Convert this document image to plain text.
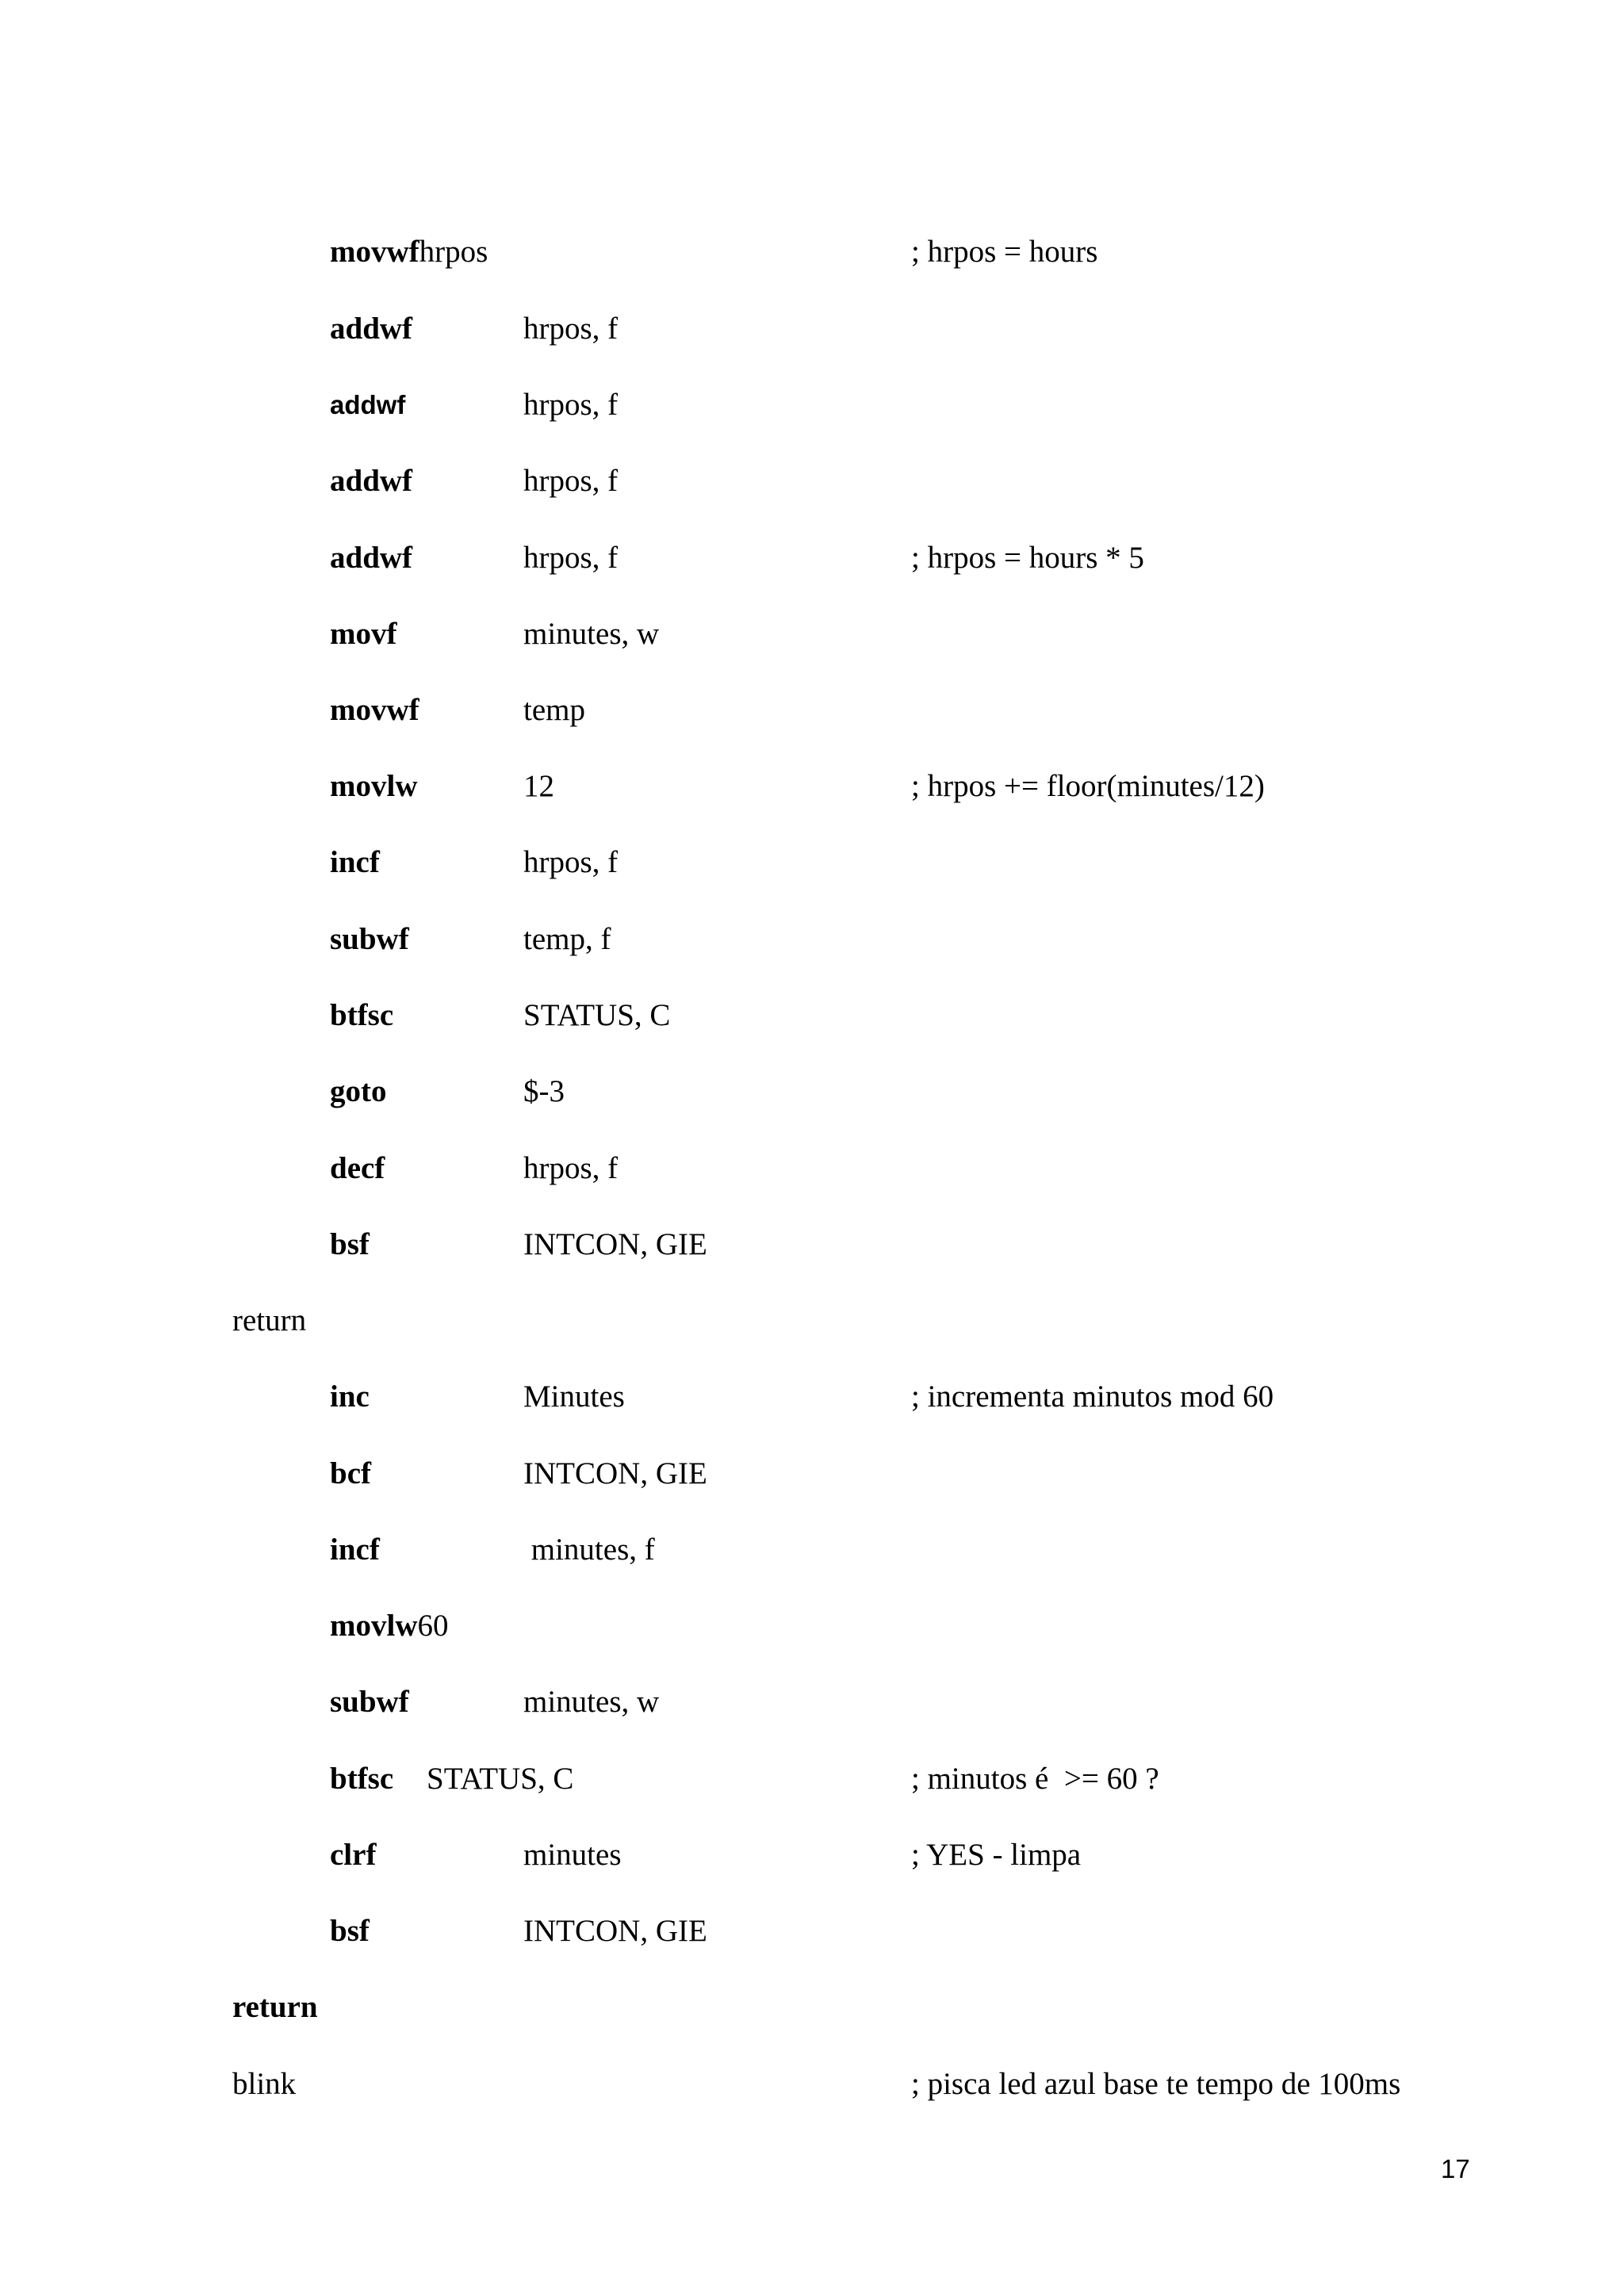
movwfhrpos	; hrpos = hours
addwf	hrpos, f
addwf	hrpos, f
addwf	hrpos, f
addwf	hrpos, f	; hrpos = hours * 5
movf	minutes, w
movwf	temp
movlw	12	; hrpos += floor(minutes/12)
incf	hrpos, f
subwf	temp, f
btfsc	STATUS, C
goto	$-3
decf	hrpos, f
bsf	INTCON, GIE
return
inc	Minutes	; incrementa minutos mod 60
bcf	INTCON, GIE
incf	minutes, f
movlw60
subwf	minutes, w
btfsc STATUS, C	; minutos é  >= 60 ?
clrf	minutes	; YES - limpa
bsf	INTCON, GIE
return
blink	; pisca led azul base te tempo de 100ms
17
